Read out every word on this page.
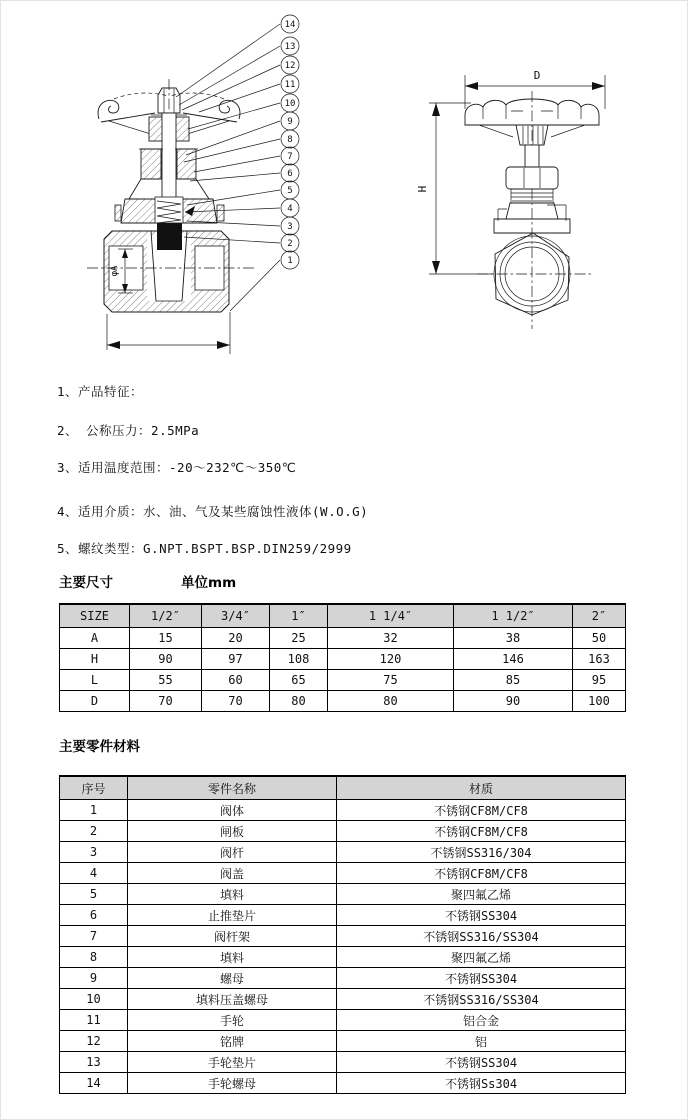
φA
14
13
12
11
10
9
8
7
6
5
4
3
2
1
D
H
1、产品特征：
2、 公称压力：2.5MPa
3、适用温度范围：-20～232℃～350℃
4、适用介质：水、油、气及某些腐蚀性液体(W.O.G)
5、螺纹类型：G.NPT.BSPT.BSP.DIN259/2999
主要尺寸	单位mm
SIZE	1/2″	3/4″	1″	1 1/4″	1 1/2″	2″
A	15	20	25	32	38	50
H	90	97	108	120	146	163
L	55	60	65	75	85	95
D	70	70	80	80	90	100
主要零件材料
序号	零件名称	材质
1	阀体	不锈钢CF8M/CF8
2	闸板	不锈钢CF8M/CF8
3	阀杆	不锈钢SS316/304
4	阀盖	不锈钢CF8M/CF8
5	填料	聚四氟乙烯
6	止推垫片	不锈钢SS304
7	阀杆架	不锈钢SS316/SS304
8	填料	聚四氟乙烯
9	螺母	不锈钢SS304
10	填料压盖螺母	不锈钢SS316/SS304
11	手轮	铝合金
12	铭牌	铝
13	手轮垫片	不锈钢SS304
14	手轮螺母	不锈钢Ss304
